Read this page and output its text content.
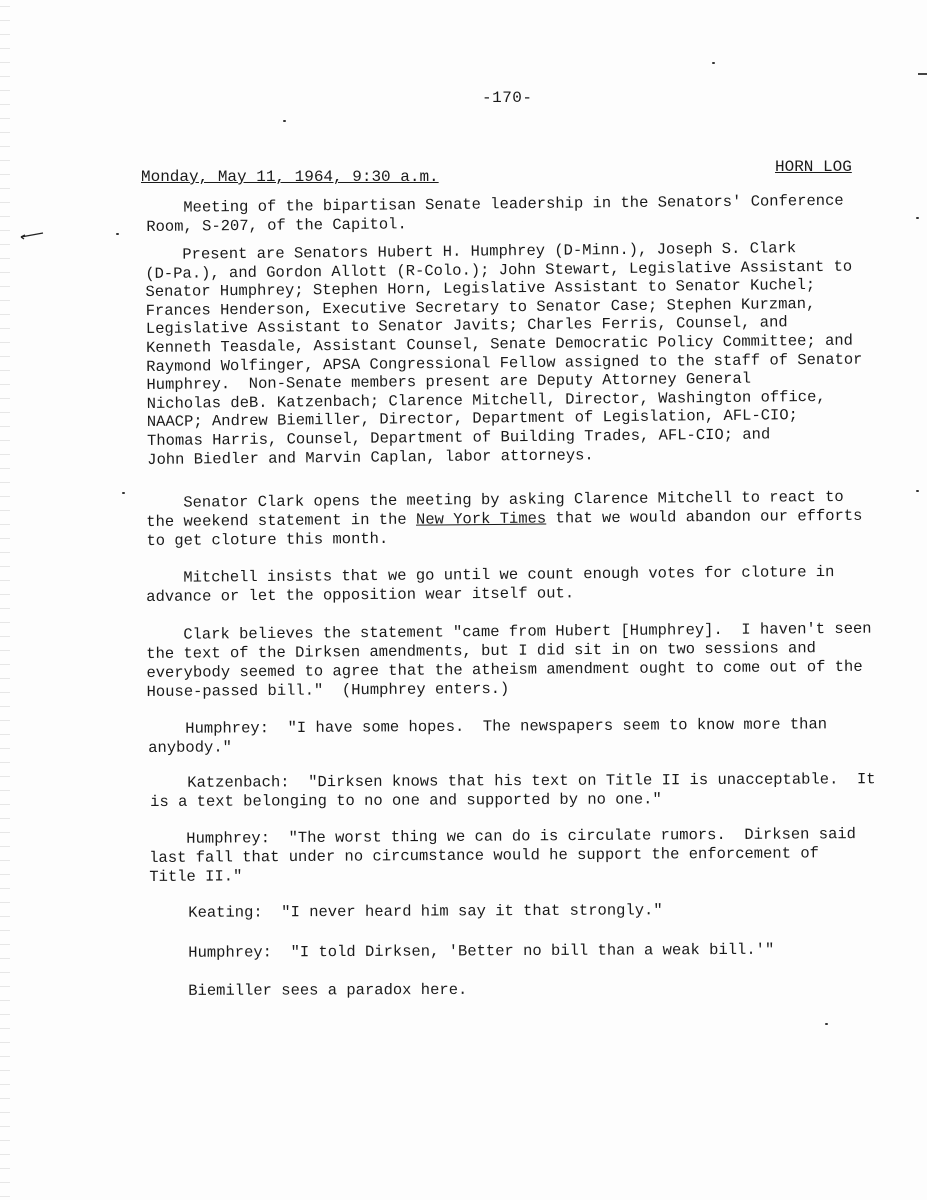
-170-
Monday, May 11, 1964, 9:30 a.m.
HORN LOG
Meeting of the bipartisan Senate leadership in the Senators' Conference
Room, S-207, of the Capitol.
Present are Senators Hubert H. Humphrey (D-Minn.), Joseph S. Clark
(D-Pa.), and Gordon Allott (R-Colo.); John Stewart, Legislative Assistant to
Senator Humphrey; Stephen Horn, Legislative Assistant to Senator Kuchel;
Frances Henderson, Executive Secretary to Senator Case; Stephen Kurzman,
Legislative Assistant to Senator Javits; Charles Ferris, Counsel, and
Kenneth Teasdale, Assistant Counsel, Senate Democratic Policy Committee; and
Raymond Wolfinger, APSA Congressional Fellow assigned to the staff of Senator
Humphrey.  Non-Senate members present are Deputy Attorney General
Nicholas deB. Katzenbach; Clarence Mitchell, Director, Washington office,
NAACP; Andrew Biemiller, Director, Department of Legislation, AFL-CIO;
Thomas Harris, Counsel, Department of Building Trades, AFL-CIO; and
John Biedler and Marvin Caplan, labor attorneys.
Senator Clark opens the meeting by asking Clarence Mitchell to react to
the weekend statement in the New York Times that we would abandon our efforts
to get cloture this month.
Mitchell insists that we go until we count enough votes for cloture in
advance or let the opposition wear itself out.
Clark believes the statement "came from Hubert [Humphrey].  I haven't seen
the text of the Dirksen amendments, but I did sit in on two sessions and
everybody seemed to agree that the atheism amendment ought to come out of the
House-passed bill."  (Humphrey enters.)
Humphrey:  "I have some hopes.  The newspapers seem to know more than
anybody."
Katzenbach:  "Dirksen knows that his text on Title II is unacceptable.  It
is a text belonging to no one and supported by no one."
Humphrey:  "The worst thing we can do is circulate rumors.  Dirksen said
last fall that under no circumstance would he support the enforcement of
Title II."
Keating:  "I never heard him say it that strongly."
Humphrey:  "I told Dirksen, 'Better no bill than a weak bill.'"
Biemiller sees a paradox here.
